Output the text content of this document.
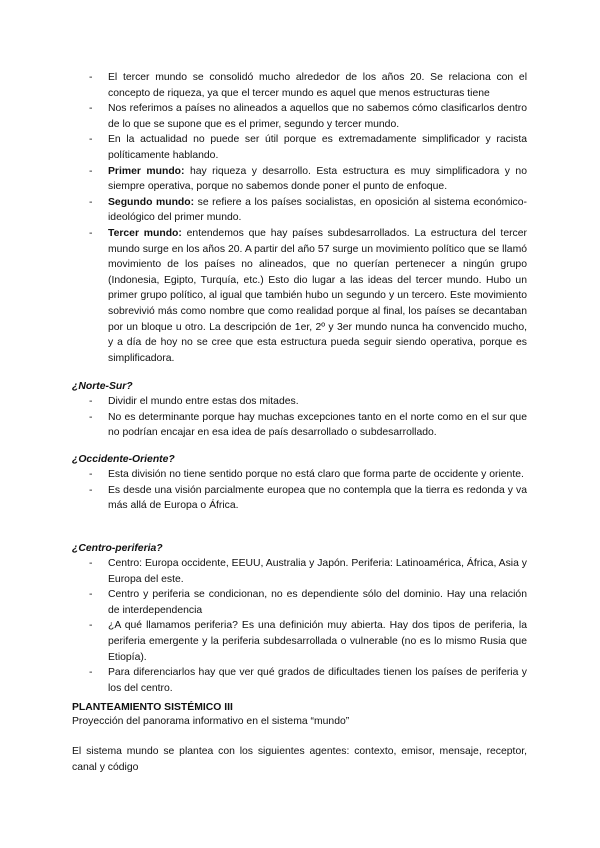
- El tercer mundo se consolidó mucho alrededor de los años 20. Se relaciona con el concepto de riqueza, ya que el tercer mundo es aquel que menos estructuras tiene
- Nos referimos a países no alineados a aquellos que no sabemos cómo clasificarlos dentro de lo que se supone que es el primer, segundo y tercer mundo.
- En la actualidad no puede ser útil porque es extremadamente simplificador y racista políticamente hablando.
- Primer mundo: hay riqueza y desarrollo. Esta estructura es muy simplificadora y no siempre operativa, porque no sabemos donde poner el punto de enfoque.
- Segundo mundo: se refiere a los países socialistas, en oposición al sistema económico-ideológico del primer mundo.
- Tercer mundo: entendemos que hay países subdesarrollados. La estructura del tercer mundo surge en los años 20. A partir del año 57 surge un movimiento político que se llamó movimiento de los países no alineados, que no querían pertenecer a ningún grupo (Indonesia, Egipto, Turquía, etc.) Esto dio lugar a las ideas del tercer mundo. Hubo un primer grupo político, al igual que también hubo un segundo y un tercero. Este movimiento sobrevivió más como nombre que como realidad porque al final, los países se decantaban por un bloque u otro. La descripción de 1er, 2º y 3er mundo nunca ha convencido mucho, y a día de hoy no se cree que esta estructura pueda seguir siendo operativa, porque es simplificadora.

¿Norte-Sur?

- Dividir el mundo entre estas dos mitades.
- No es determinante porque hay muchas excepciones tanto en el norte como en el sur que no podrían encajar en esa idea de país desarrollado o subdesarrollado.

¿Occidente-Oriente?

- Esta división no tiene sentido porque no está claro que forma parte de occidente y oriente.
- Es desde una visión parcialmente europea que no contempla que la tierra es redonda y va más allá de Europa o África.

¿Centro-periferia?

- Centro: Europa occidente, EEUU, Australia y Japón. Periferia: Latinoamérica, África, Asia y Europa del este.
- Centro y periferia se condicionan, no es dependiente sólo del dominio. Hay una relación de interdependencia
- ¿A qué llamamos periferia? Es una definición muy abierta. Hay dos tipos de periferia, la periferia emergente y la periferia subdesarrollada o vulnerable (no es lo mismo Rusia que Etiopía).
- Para diferenciarlos hay que ver qué grados de dificultades tienen los países de periferia y los del centro.

PLANTEAMIENTO SISTÉMICO III

Proyección del panorama informativo en el sistema “mundo”

El sistema mundo se plantea con los siguientes agentes: contexto, emisor, mensaje, receptor, canal y código
